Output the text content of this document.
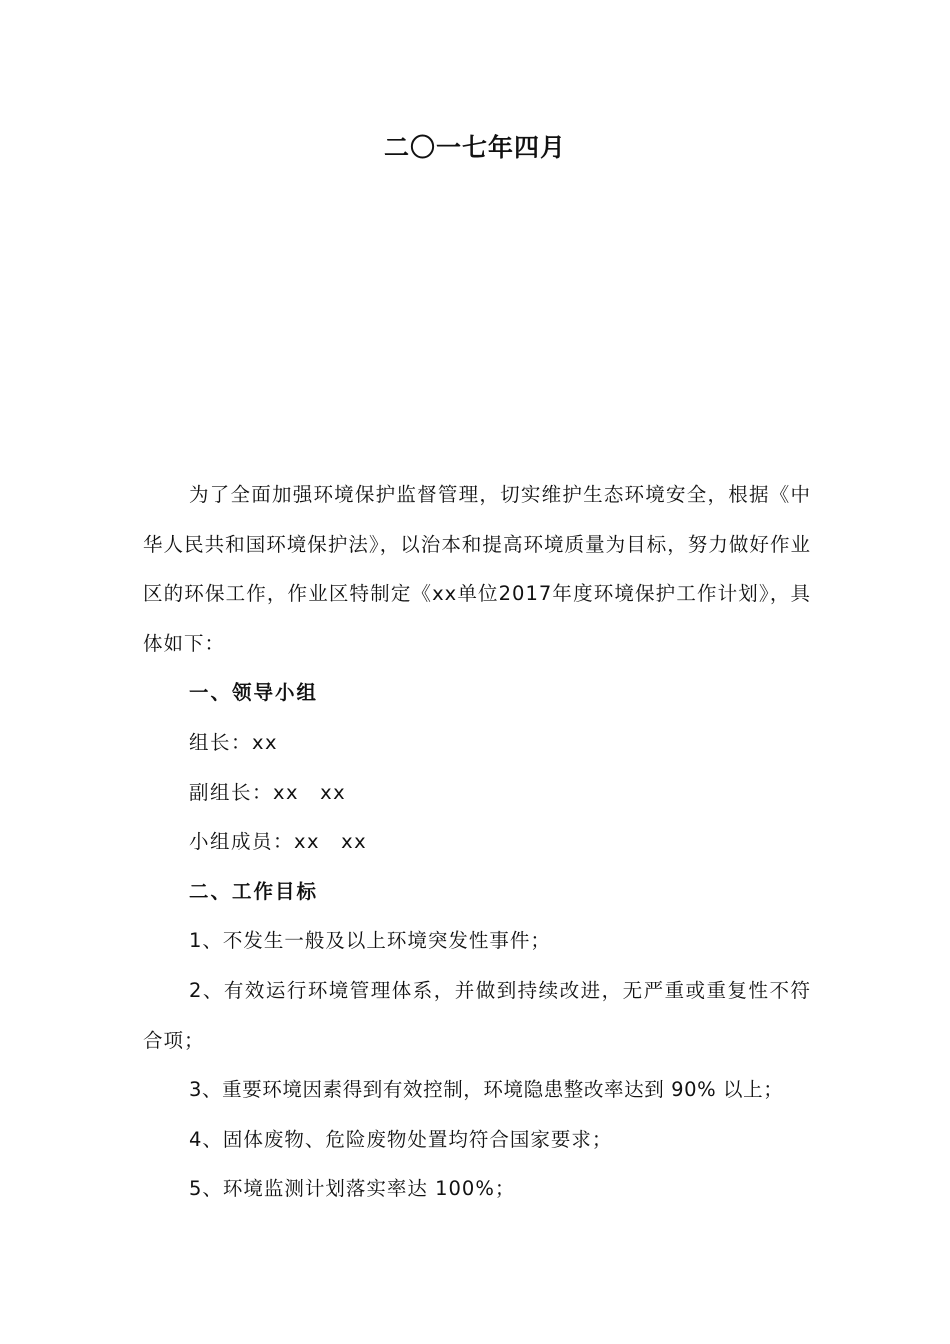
二〇一七年四月

为了全面加强环境保护监督管理，切实维护生态环境安全，根据《中华人民共和国环境保护法》，以治本和提高环境质量为目标，努力做好作业区的环保工作，作业区特制定《xx单位2017年度环境保护工作计划》，具体如下：

一、领导小组

组长：xx

副组长：xx　xx

小组成员：xx　xx

二、工作目标

1、不发生一般及以上环境突发性事件；

2、有效运行环境管理体系，并做到持续改进，无严重或重复性不符合项；

3、重要环境因素得到有效控制，环境隐患整改率达到 90% 以上；

4、固体废物、危险废物处置均符合国家要求；

5、环境监测计划落实率达 100%；
